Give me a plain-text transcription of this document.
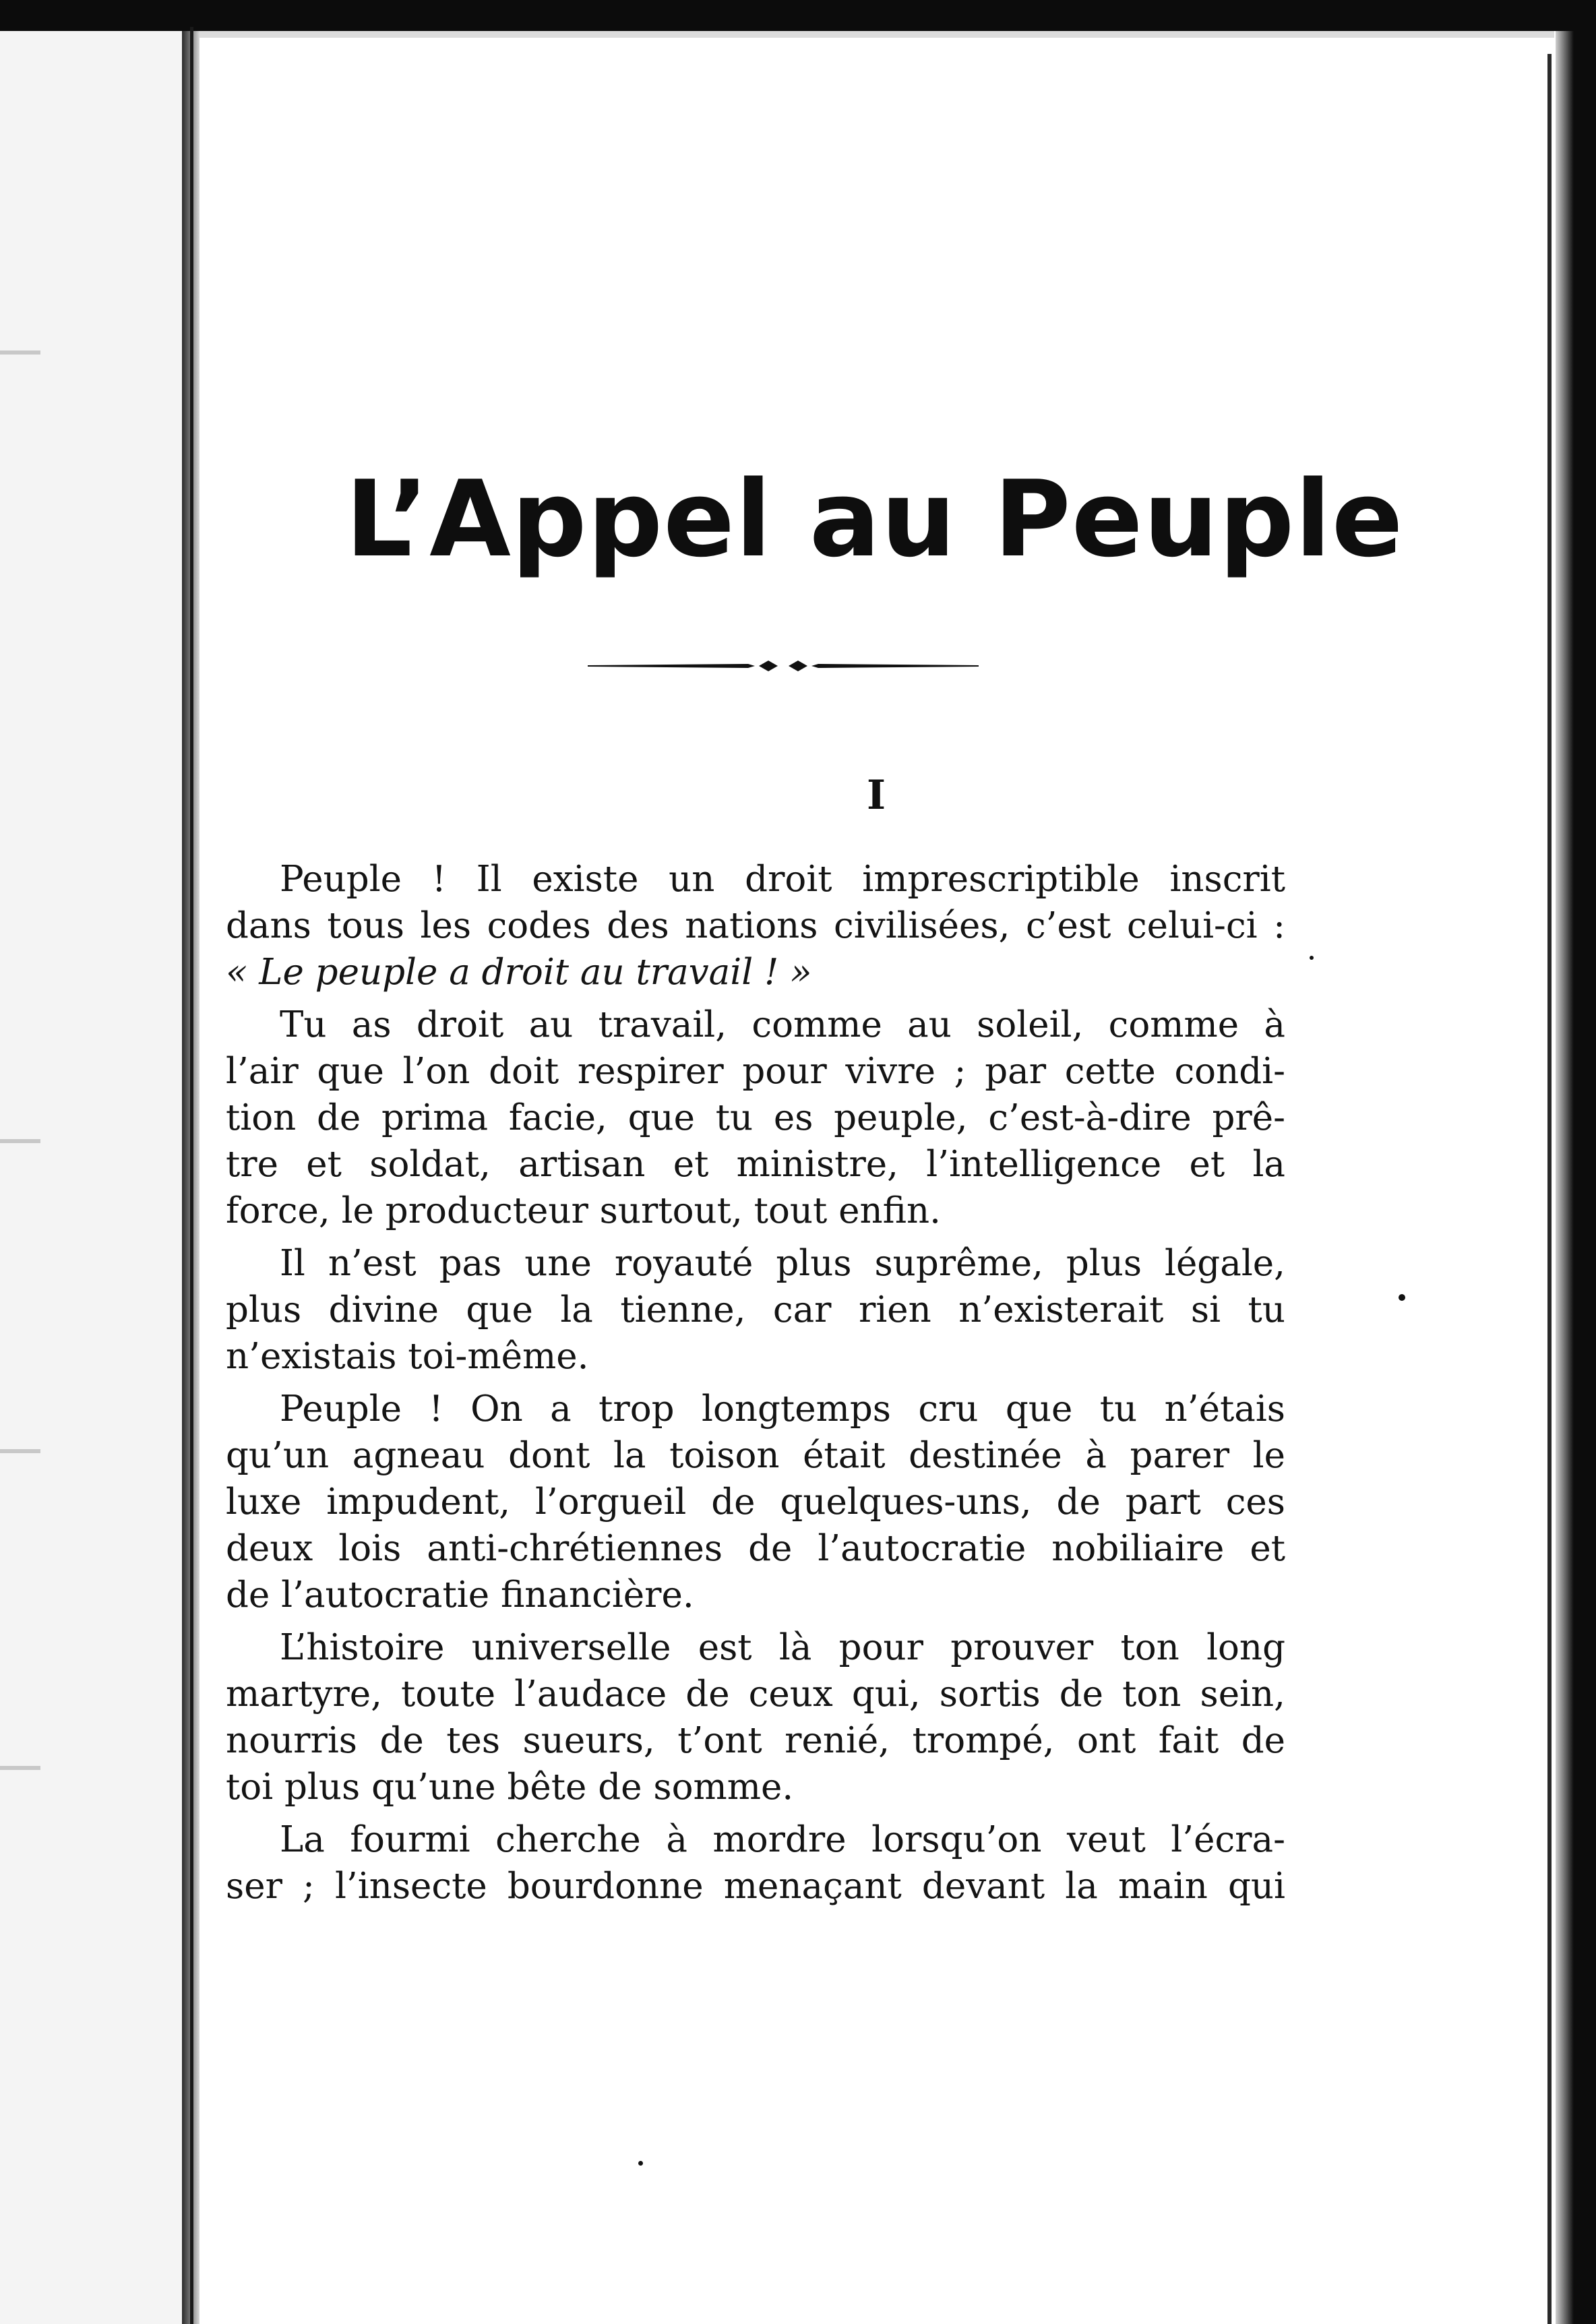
L’Appel au Peuple
I
Peuple ! Il existe un droit imprescriptible inscrit
dans tous les codes des nations civilisées, c’est celui-ci :
« Le peuple a droit au travail ! »
Tu as droit au travail, comme au soleil, comme à
l’air que l’on doit respirer pour vivre ; par cette condi-
tion de prima facie, que tu es peuple, c’est-à-dire prê-
tre et soldat, artisan et ministre, l’intelligence et la
force, le producteur surtout, tout enfin.
Il n’est pas une royauté plus suprême, plus légale,
plus divine que la tienne, car rien n’existerait si tu
n’existais toi-même.
Peuple ! On a trop longtemps cru que tu n’étais
qu’un agneau dont la toison était destinée à parer le
luxe impudent, l’orgueil de quelques-uns, de part ces
deux lois anti-chrétiennes de l’autocratie nobiliaire et
de l’autocratie financière.
L’histoire universelle est là pour prouver ton long
martyre, toute l’audace de ceux qui, sortis de ton sein,
nourris de tes sueurs, t’ont renié, trompé, ont fait de
toi plus qu’une bête de somme.
La fourmi cherche à mordre lorsqu’on veut l’écra-
ser ; l’insecte bourdonne menaçant devant la main qui
